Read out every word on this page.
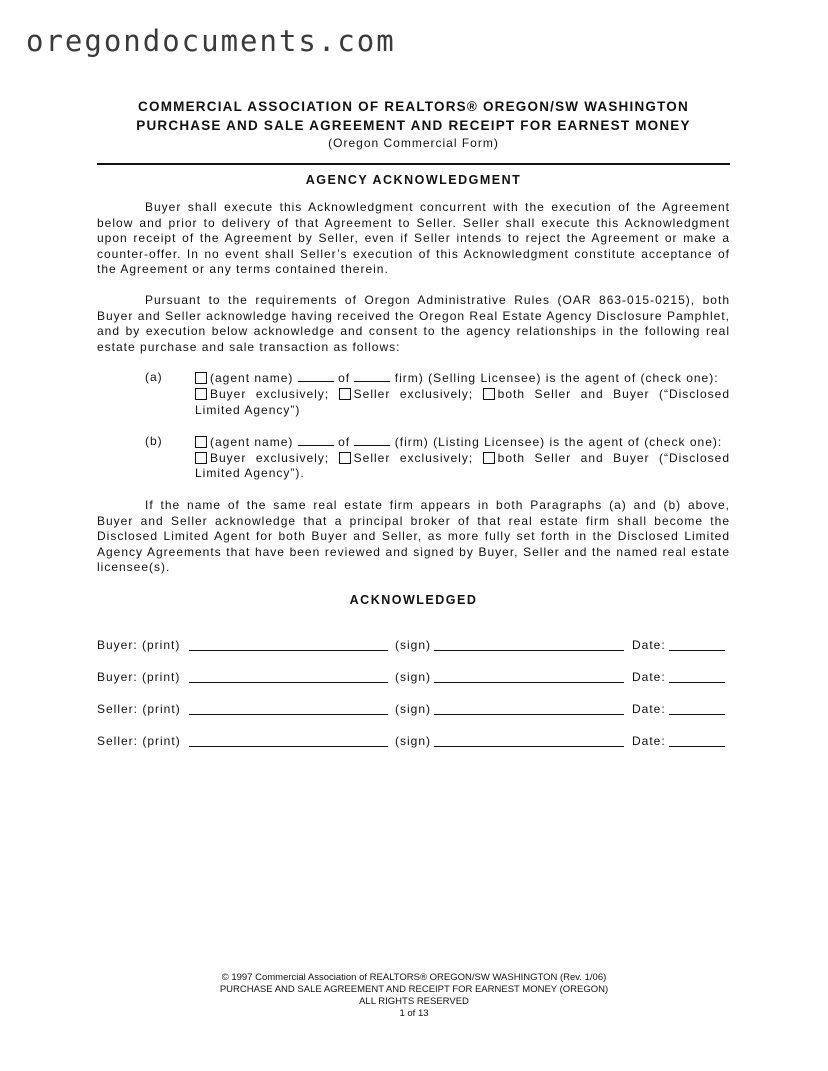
oregondocuments.com
COMMERCIAL ASSOCIATION OF REALTORS® OREGON/SW WASHINGTON
PURCHASE AND SALE AGREEMENT AND RECEIPT FOR EARNEST MONEY
(Oregon Commercial Form)
AGENCY ACKNOWLEDGMENT

Buyer shall execute this Acknowledgment concurrent with the execution of the Agreement below and prior to delivery of that Agreement to Seller. Seller shall execute this Acknowledgment upon receipt of the Agreement by Seller, even if Seller intends to reject the Agreement or make a counter-offer. In no event shall Seller’s execution of this Acknowledgment constitute acceptance of the Agreement or any terms contained therein.

Pursuant to the requirements of Oregon Administrative Rules (OAR 863-015-0215), both Buyer and Seller acknowledge having received the Oregon Real Estate Agency Disclosure Pamphlet, and by execution below acknowledge and consent to the agency relationships in the following real estate purchase and sale transaction as follows:

(a)	(agent name)	of	firm) (Selling Licensee) is the agent of (check one):
Buyer exclusively; Seller exclusively; both Seller and Buyer (“Disclosed Limited Agency”)
(b)	(agent name)	of	(firm) (Listing Licensee) is the agent of (check one):
Buyer exclusively; Seller exclusively; both Seller and Buyer (“Disclosed Limited Agency”).

If the name of the same real estate firm appears in both Paragraphs (a) and (b) above, Buyer and Seller acknowledge that a principal broker of that real estate firm shall become the Disclosed Limited Agent for both Buyer and Seller, as more fully set forth in the Disclosed Limited Agency Agreements that have been reviewed and signed by Buyer, Seller and the named real estate licensee(s).

ACKNOWLEDGED
Buyer: (print)	(sign)	Date:
Buyer: (print)	(sign)	Date:
Seller: (print)	(sign)	Date:
Seller: (print)	(sign)	Date:
© 1997 Commercial Association of REALTORS® OREGON/SW WASHINGTON (Rev. 1/06)
PURCHASE AND SALE AGREEMENT AND RECEIPT FOR EARNEST MONEY (OREGON)
ALL RIGHTS RESERVED
1 of 13
